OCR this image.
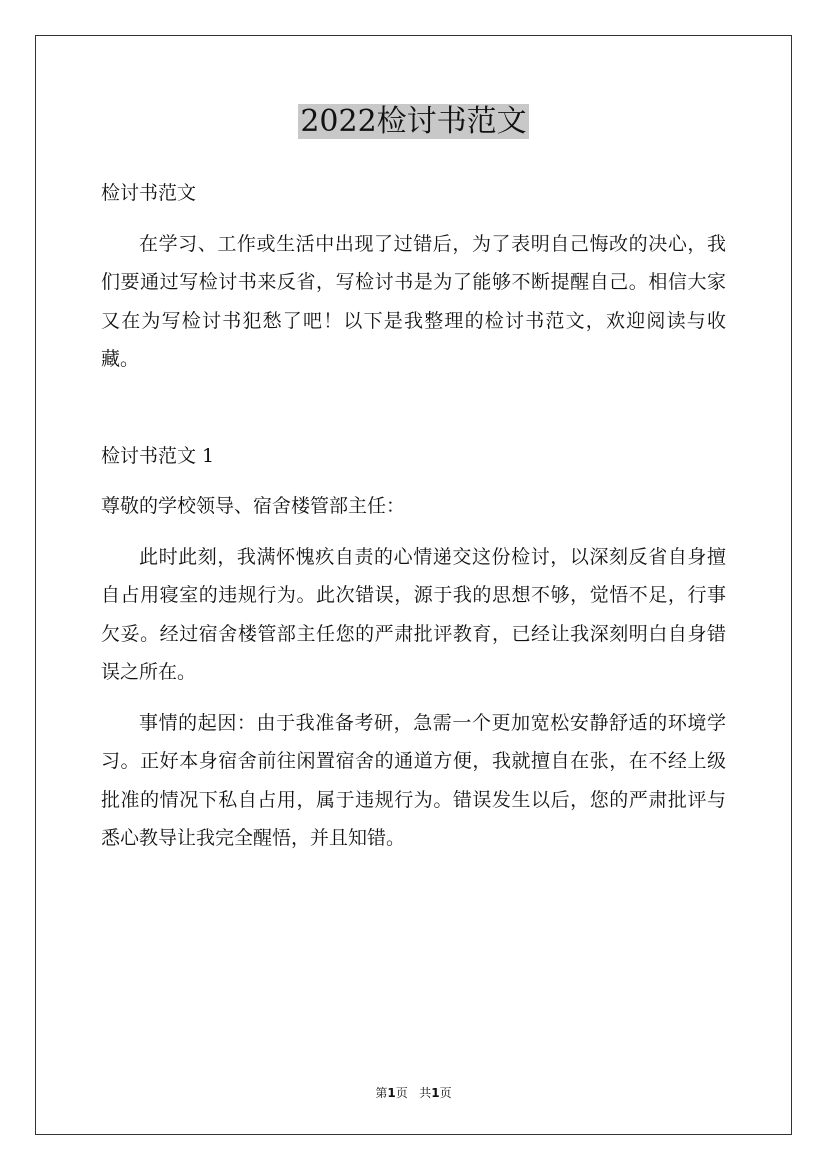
2022检讨书范文

检讨书范文

在学习、工作或生活中出现了过错后，为了表明自己悔改的决心，我们要通过写检讨书来反省，写检讨书是为了能够不断提醒自己。相信大家又在为写检讨书犯愁了吧！以下是我整理的检讨书范文，欢迎阅读与收藏。

检讨书范文 1

尊敬的学校领导、宿舍楼管部主任：

此时此刻，我满怀愧疚自责的心情递交这份检讨，以深刻反省自身擅自占用寝室的违规行为。此次错误，源于我的思想不够，觉悟不足，行事欠妥。经过宿舍楼管部主任您的严肃批评教育，已经让我深刻明白自身错误之所在。

事情的起因：由于我准备考研，急需一个更加宽松安静舒适的环境学习。正好本身宿舍前往闲置宿舍的通道方便，我就擅自在张，在不经上级批准的情况下私自占用，属于违规行为。错误发生以后，您的严肃批评与悉心教导让我完全醒悟，并且知错。

第1页 共1页
